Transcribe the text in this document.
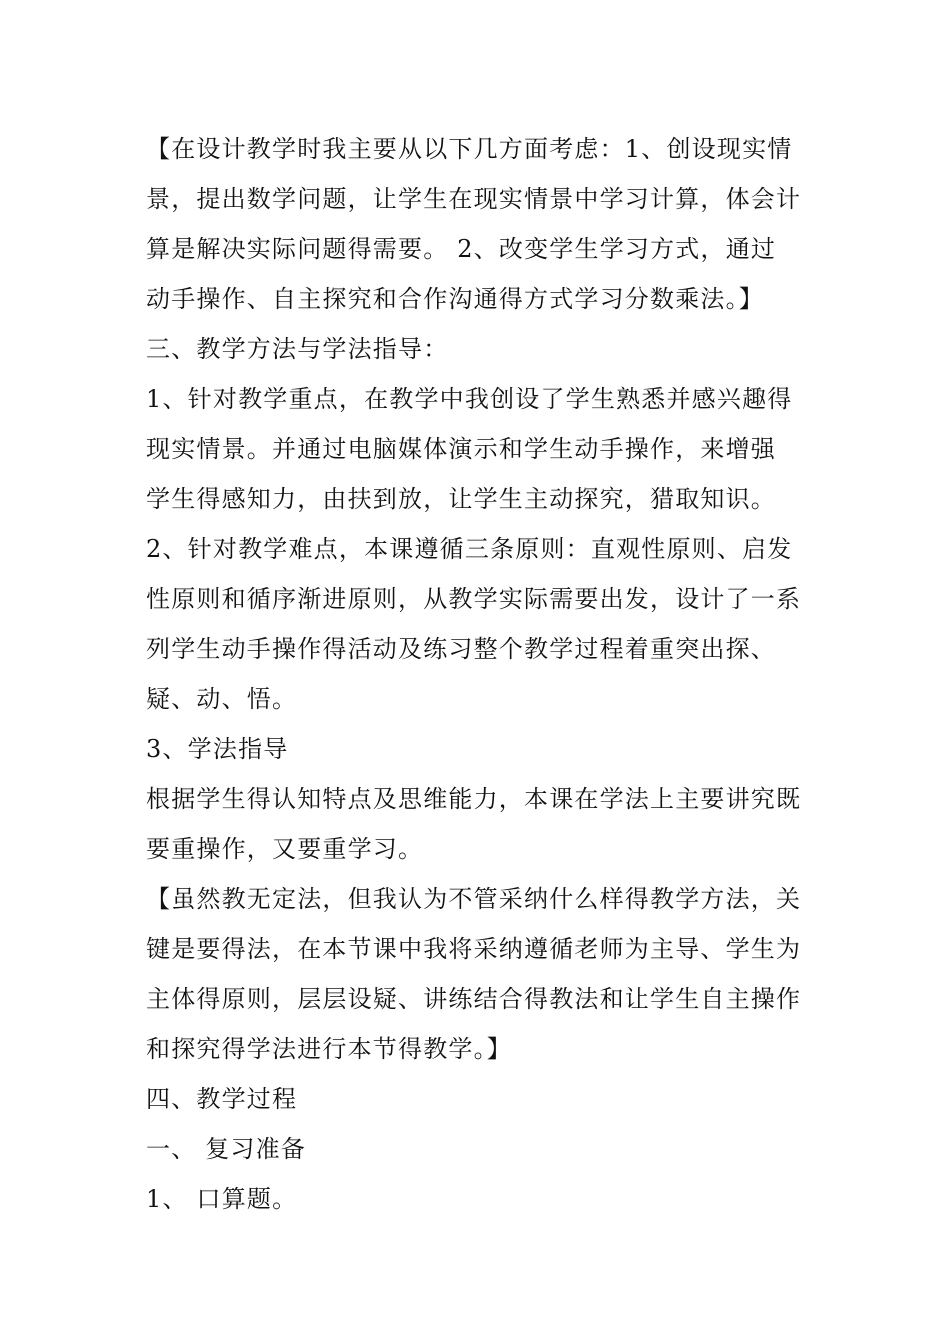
【在设计教学时我主要从以下几方面考虑：1、创设现实情
景，提出数学问题，让学生在现实情景中学习计算，体会计
算是解决实际问题得需要。 2、改变学生学习方式，通过
动手操作、自主探究和合作沟通得方式学习分数乘法。】
三、教学方法与学法指导：
1、针对教学重点，在教学中我创设了学生熟悉并感兴趣得
现实情景。并通过电脑媒体演示和学生动手操作，来增强
学生得感知力，由扶到放，让学生主动探究，猎取知识。
2、针对教学难点，本课遵循三条原则：直观性原则、启发
性原则和循序渐进原则，从教学实际需要出发，设计了一系
列学生动手操作得活动及练习整个教学过程着重突出探、
疑、动、悟。
3、学法指导
根据学生得认知特点及思维能力，本课在学法上主要讲究既
要重操作，又要重学习。
【虽然教无定法，但我认为不管采纳什么样得教学方法，关
键是要得法，在本节课中我将采纳遵循老师为主导、学生为
主体得原则，层层设疑、讲练结合得教法和让学生自主操作
和探究得学法进行本节得教学。】
四、教学过程
一、 复习准备
1、 口算题。
